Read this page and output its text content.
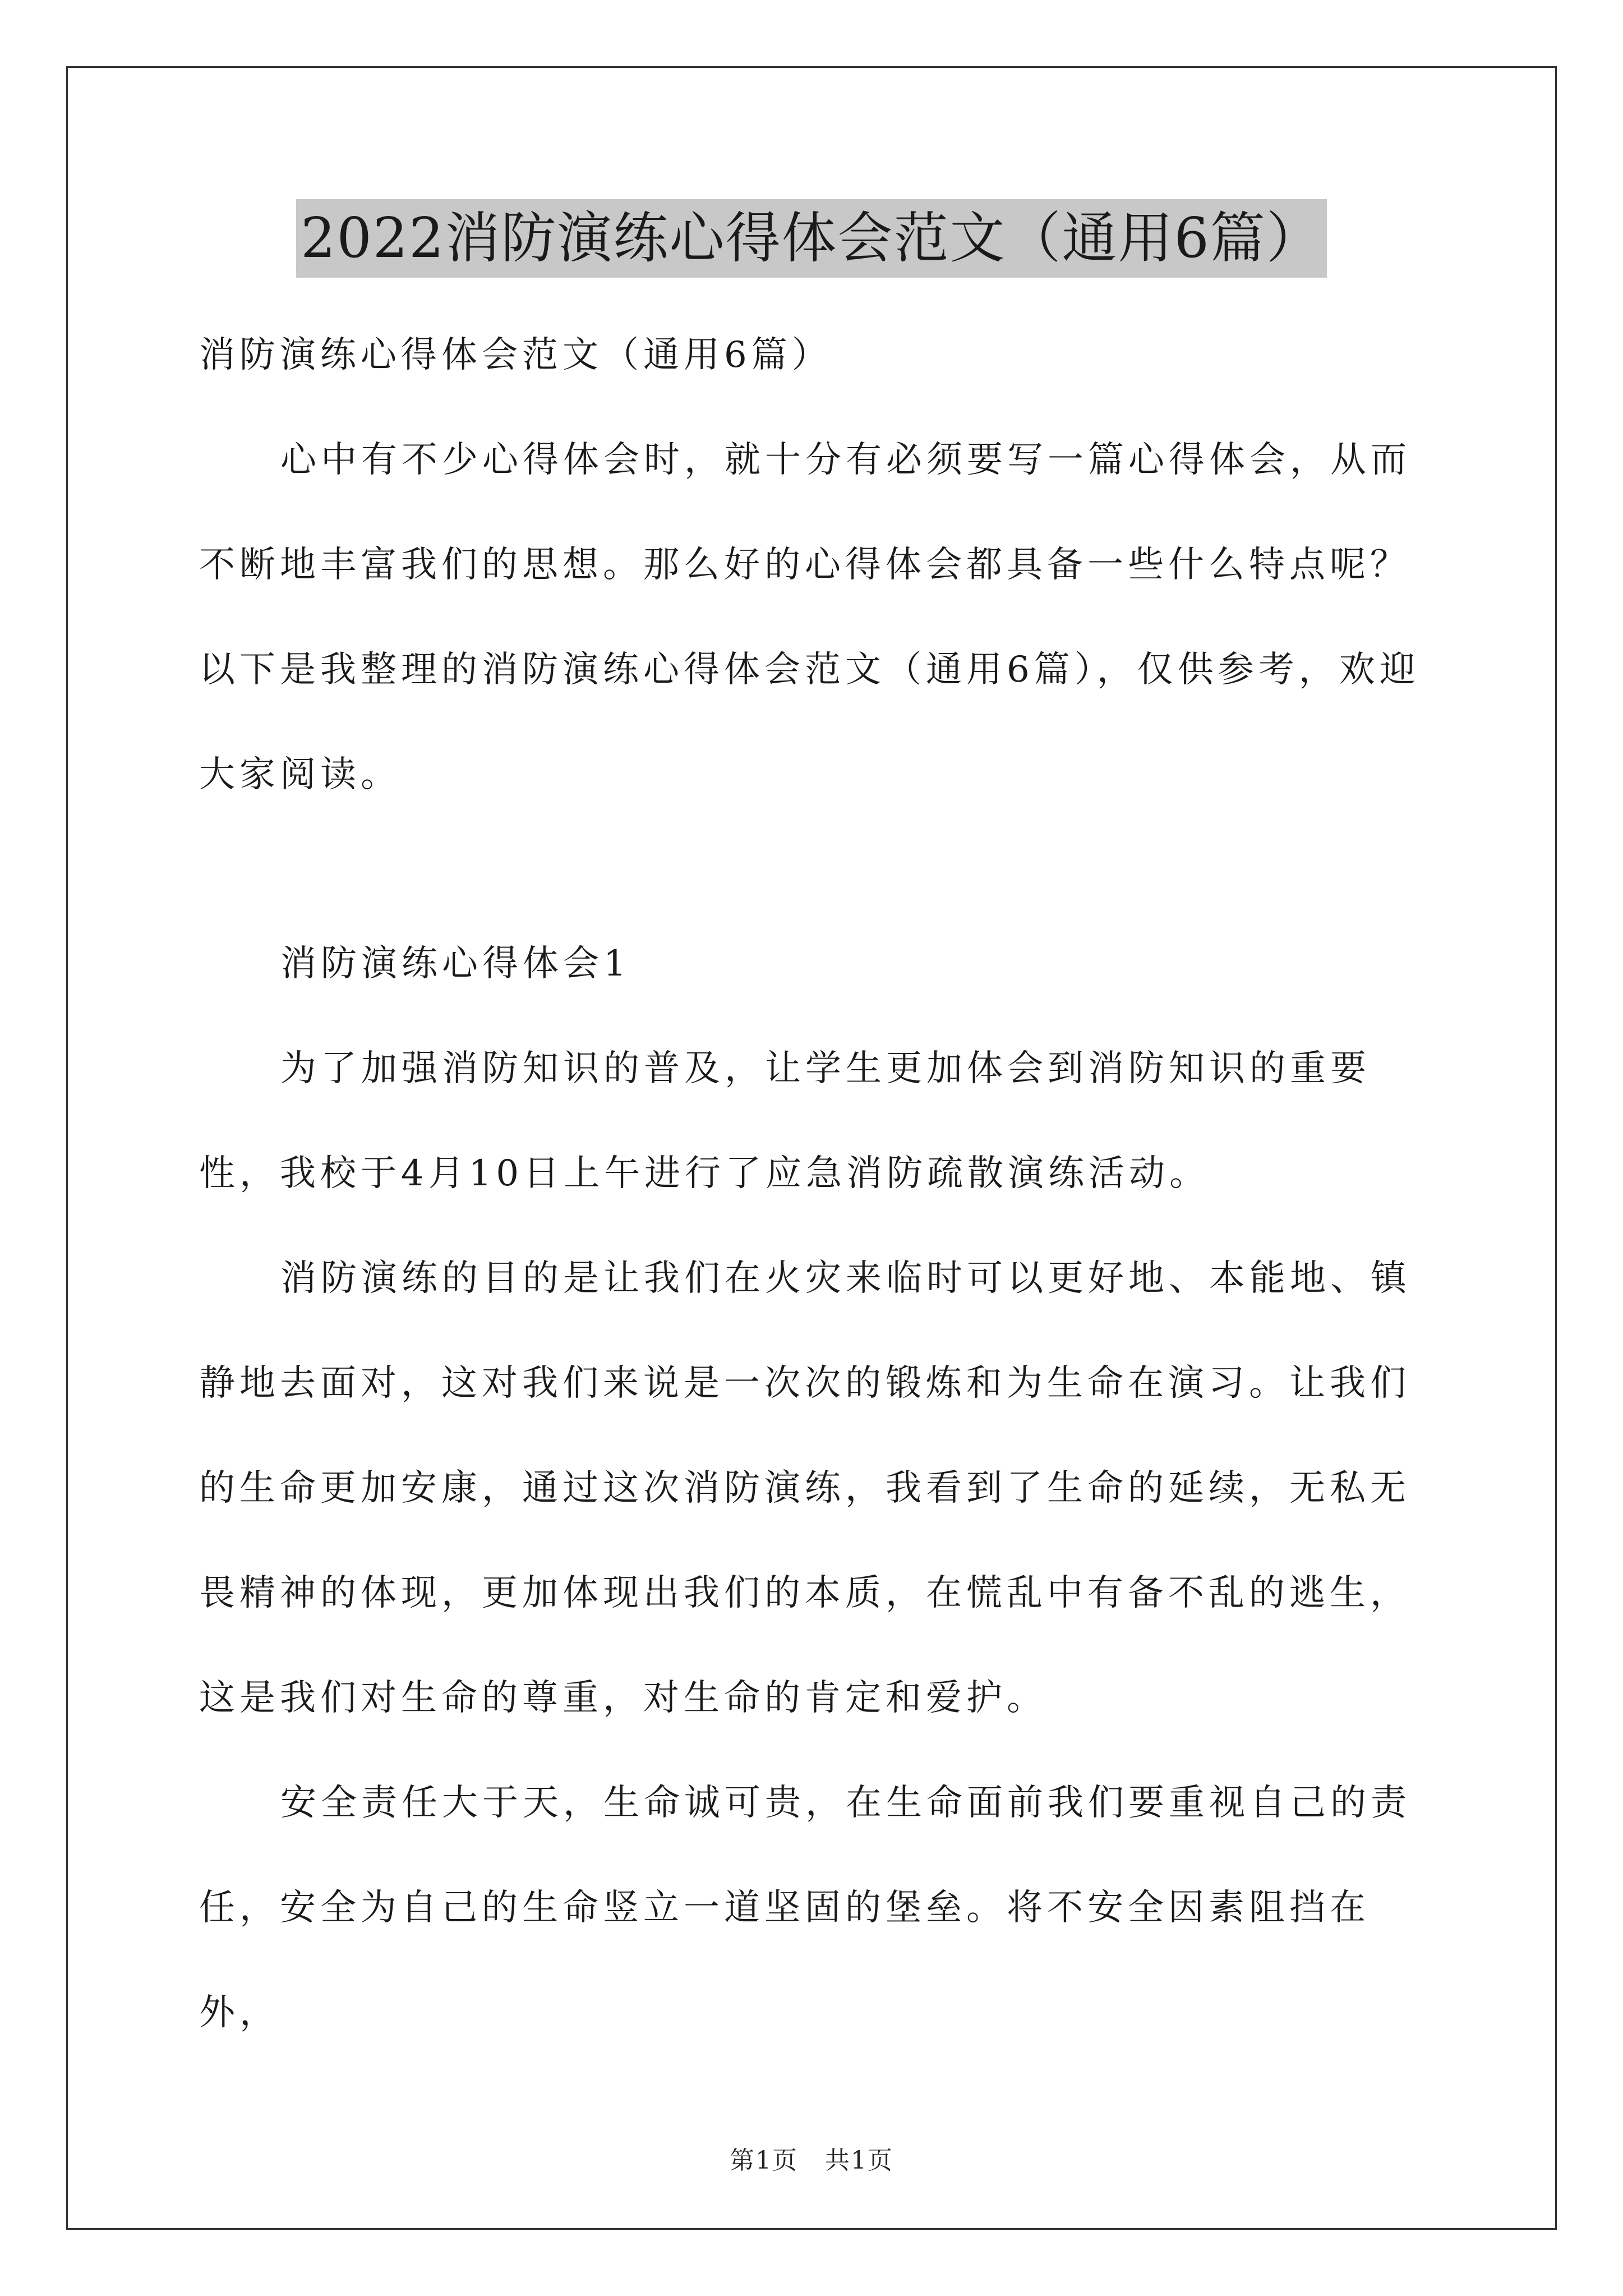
2022消防演练心得体会范文（通用6篇）

消防演练心得体会范文（通用6篇）

心中有不少心得体会时，就十分有必须要写一篇心得体会，从而不断地丰富我们的思想。那么好的心得体会都具备一些什么特点呢？以下是我整理的消防演练心得体会范文（通用6篇），仅供参考，欢迎大家阅读。

消防演练心得体会1

为了加强消防知识的普及，让学生更加体会到消防知识的重要性，我校于4月10日上午进行了应急消防疏散演练活动。

消防演练的目的是让我们在火灾来临时可以更好地、本能地、镇静地去面对，这对我们来说是一次次的锻炼和为生命在演习。让我们的生命更加安康，通过这次消防演练，我看到了生命的延续，无私无畏精神的体现，更加体现出我们的本质，在慌乱中有备不乱的逃生，这是我们对生命的尊重，对生命的肯定和爱护。

安全责任大于天，生命诚可贵，在生命面前我们要重视自己的责任，安全为自己的生命竖立一道坚固的堡垒。将不安全因素阻挡在外，

第1页 共1页
